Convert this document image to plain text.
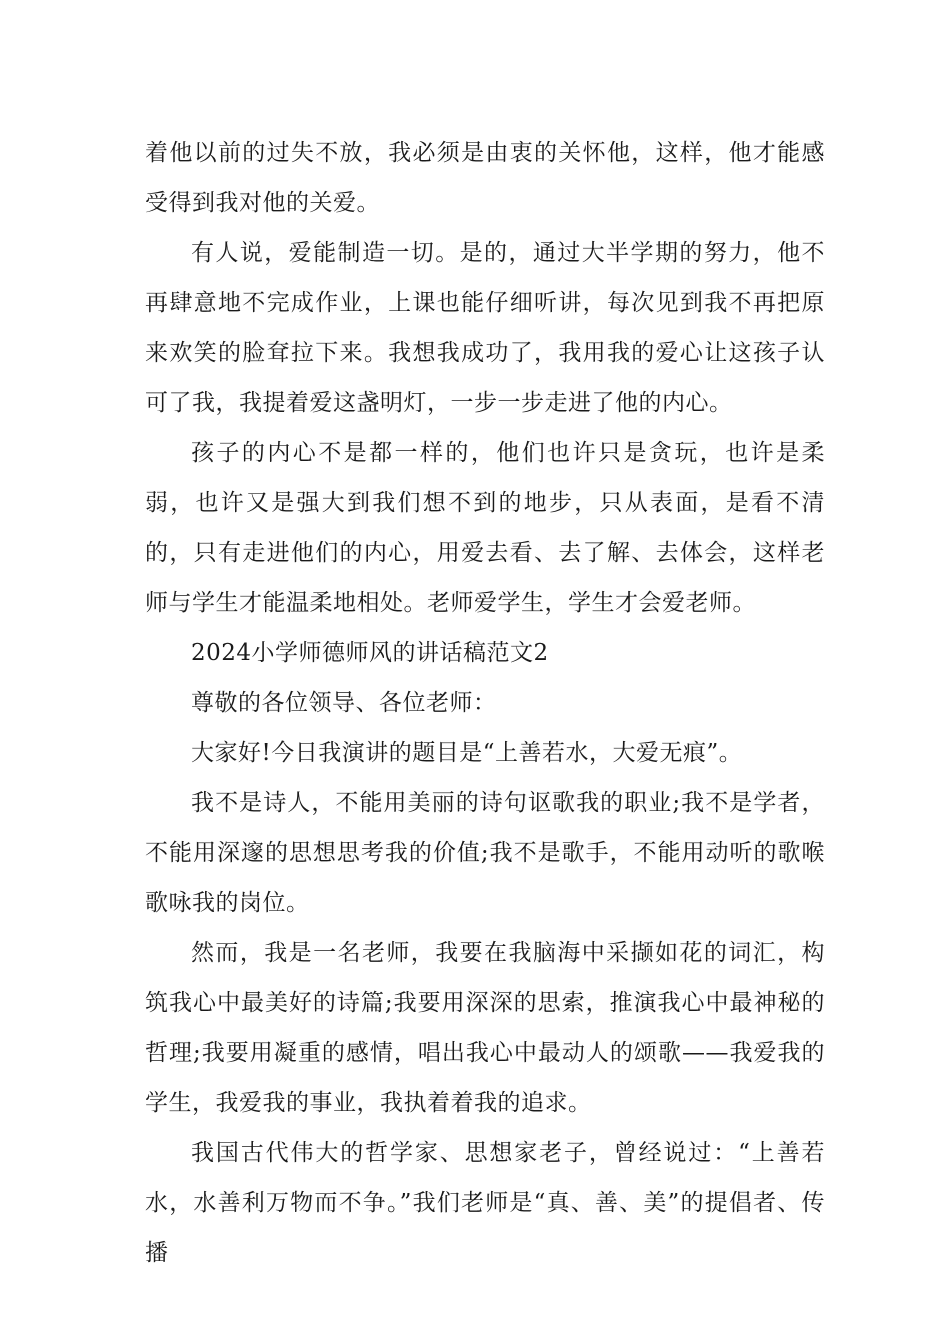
着他以前的过失不放，我必须是由衷的关怀他，这样，他才能感受得到我对他的关爱。

有人说，爱能制造一切。是的，通过大半学期的努力，他不再肆意地不完成作业，上课也能仔细听讲，每次见到我不再把原来欢笑的脸耷拉下来。我想我成功了，我用我的爱心让这孩子认可了我，我提着爱这盏明灯，一步一步走进了他的内心。

孩子的内心不是都一样的，他们也许只是贪玩，也许是柔弱，也许又是强大到我们想不到的地步，只从表面，是看不清的，只有走进他们的内心，用爱去看、去了解、去体会，这样老师与学生才能温柔地相处。老师爱学生，学生才会爱老师。

2024小学师德师风的讲话稿范文2

尊敬的各位领导、各位老师：

大家好!今日我演讲的题目是“上善若水，大爱无痕”。

我不是诗人，不能用美丽的诗句讴歌我的职业;我不是学者，不能用深邃的思想思考我的价值;我不是歌手，不能用动听的歌喉歌咏我的岗位。

然而，我是一名老师，我要在我脑海中采撷如花的词汇，构筑我心中最美好的诗篇;我要用深深的思索，推演我心中最神秘的哲理;我要用凝重的感情，唱出我心中最动人的颂歌——我爱我的学生，我爱我的事业，我执着着我的追求。

我国古代伟大的哲学家、思想家老子，曾经说过：“上善若水，水善利万物而不争。”我们老师是“真、善、美”的提倡者、传播
